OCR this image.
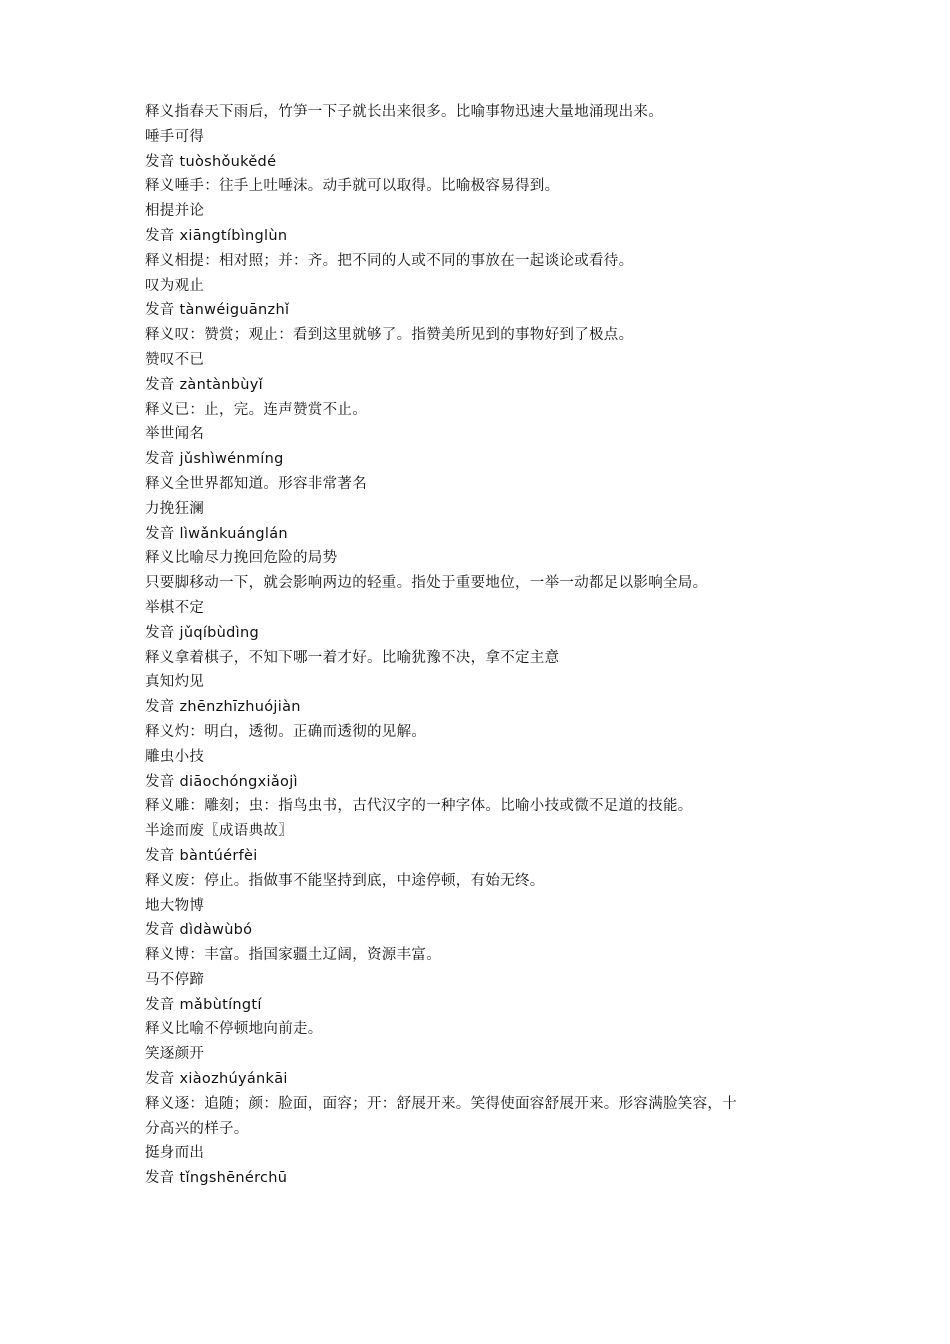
释义指春天下雨后，竹笋一下子就长出来很多。比喻事物迅速大量地涌现出来。
唾手可得
发音 tuòshǒukědé
释义唾手：往手上吐唾沫。动手就可以取得。比喻极容易得到。
相提并论
发音 xiāngtíbìnglùn
释义相提：相对照；并：齐。把不同的人或不同的事放在一起谈论或看待。
叹为观止
发音 tànwéiguānzhǐ
释义叹：赞赏；观止：看到这里就够了。指赞美所见到的事物好到了极点。
赞叹不已
发音 zàntànbùyǐ
释义已：止，完。连声赞赏不止。
举世闻名
发音 jǔshìwénmíng
释义全世界都知道。形容非常著名
力挽狂澜
发音 lìwǎnkuánglán
释义比喻尽力挽回危险的局势
只要脚移动一下，就会影响两边的轻重。指处于重要地位，一举一动都足以影响全局。
举棋不定
发音 jǔqíbùdìng
释义拿着棋子，不知下哪一着才好。比喻犹豫不决，拿不定主意
真知灼见
发音 zhēnzhīzhuójiàn
释义灼：明白，透彻。正确而透彻的见解。
雕虫小技
发音 diāochóngxiǎojì
释义雕：雕刻；虫：指鸟虫书，古代汉字的一种字体。比喻小技或微不足道的技能。
半途而废〖成语典故〗
发音 bàntúérfèi
释义废：停止。指做事不能坚持到底，中途停顿，有始无终。
地大物博
发音 dìdàwùbó
释义博：丰富。指国家疆土辽阔，资源丰富。
马不停蹄
发音 mǎbùtíngtí
释义比喻不停顿地向前走。
笑逐颜开
发音 xiàozhúyánkāi
释义逐：追随；颜：脸面，面容；开：舒展开来。笑得使面容舒展开来。形容满脸笑容，十
分高兴的样子。
挺身而出
发音 tǐngshēnérchū
